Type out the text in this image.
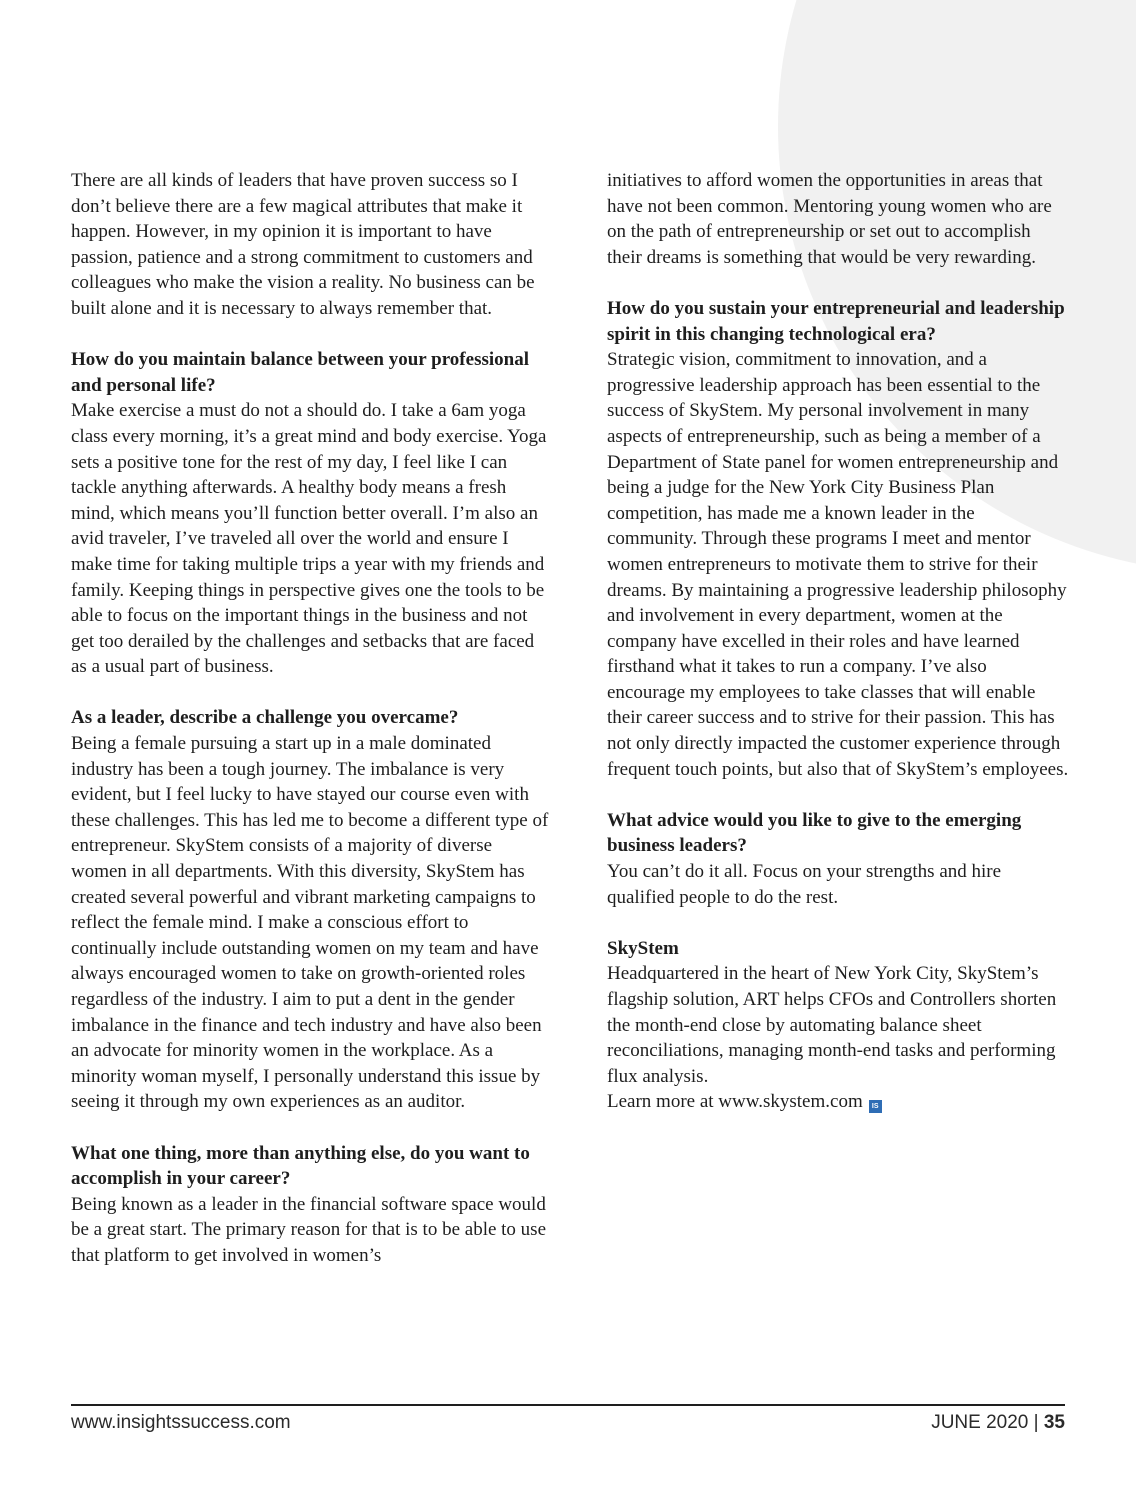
There are all kinds of leaders that have proven success so I don’t believe there are a few magical attributes that make it happen. However, in my opinion it is important to have passion, patience and a strong commitment to customers and colleagues who make the vision a reality. No business can be built alone and it is necessary to always remember that.

How do you maintain balance between your professional and personal life?
Make exercise a must do not a should do. I take a 6am yoga class every morning, it’s a great mind and body exercise. Yoga sets a positive tone for the rest of my day, I feel like I can tackle anything afterwards. A healthy body means a fresh mind, which means you’ll function better overall. I’m also an avid traveler, I’ve traveled all over the world and ensure I make time for taking multiple trips a year with my friends and family. Keeping things in perspective gives one the tools to be able to focus on the important things in the business and not get too derailed by the challenges and setbacks that are faced as a usual part of business.

As a leader, describe a challenge you overcame?
Being a female pursuing a start up in a male dominated industry has been a tough journey. The imbalance is very evident, but I feel lucky to have stayed our course even with these challenges. This has led me to become a different type of entrepreneur. SkyStem consists of a majority of diverse women in all departments. With this diversity, SkyStem has created several powerful and vibrant marketing campaigns to reflect the female mind. I make a conscious effort to continually include outstanding women on my team and have always encouraged women to take on growth-oriented roles regardless of the industry. I aim to put a dent in the gender imbalance in the finance and tech industry and have also been an advocate for minority women in the workplace. As a minority woman myself, I personally understand this issue by seeing it through my own experiences as an auditor.

What one thing, more than anything else, do you want to accomplish in your career?
Being known as a leader in the financial software space would be a great start. The primary reason for that is to be able to use that platform to get involved in women’s

initiatives to afford women the opportunities in areas that have not been common. Mentoring young women who are on the path of entrepreneurship or set out to accomplish their dreams is something that would be very rewarding.

How do you sustain your entrepreneurial and leadership spirit in this changing technological era?
Strategic vision, commitment to innovation, and a progressive leadership approach has been essential to the success of SkyStem. My personal involvement in many aspects of entrepreneurship, such as being a member of a Department of State panel for women entrepreneurship and being a judge for the New York City Business Plan competition, has made me a known leader in the community. Through these programs I meet and mentor women entrepreneurs to motivate them to strive for their dreams. By maintaining a progressive leadership philosophy and involvement in every department, women at the company have excelled in their roles and have learned firsthand what it takes to run a company. I’ve also encourage my employees to take classes that will enable their career success and to strive for their passion. This has not only directly impacted the customer experience through frequent touch points, but also that of SkyStem’s employees.

What advice would you like to give to the emerging business leaders?
You can’t do it all. Focus on your strengths and hire qualified people to do the rest.

SkyStem
Headquartered in the heart of New York City, SkyStem’s flagship solution, ART helps CFOs and Controllers shorten the month-end close by automating balance sheet reconciliations, managing month-end tasks and performing flux analysis.
Learn more at www.skystem.com IS

www.insightssuccess.com	JUNE 2020 | 35
